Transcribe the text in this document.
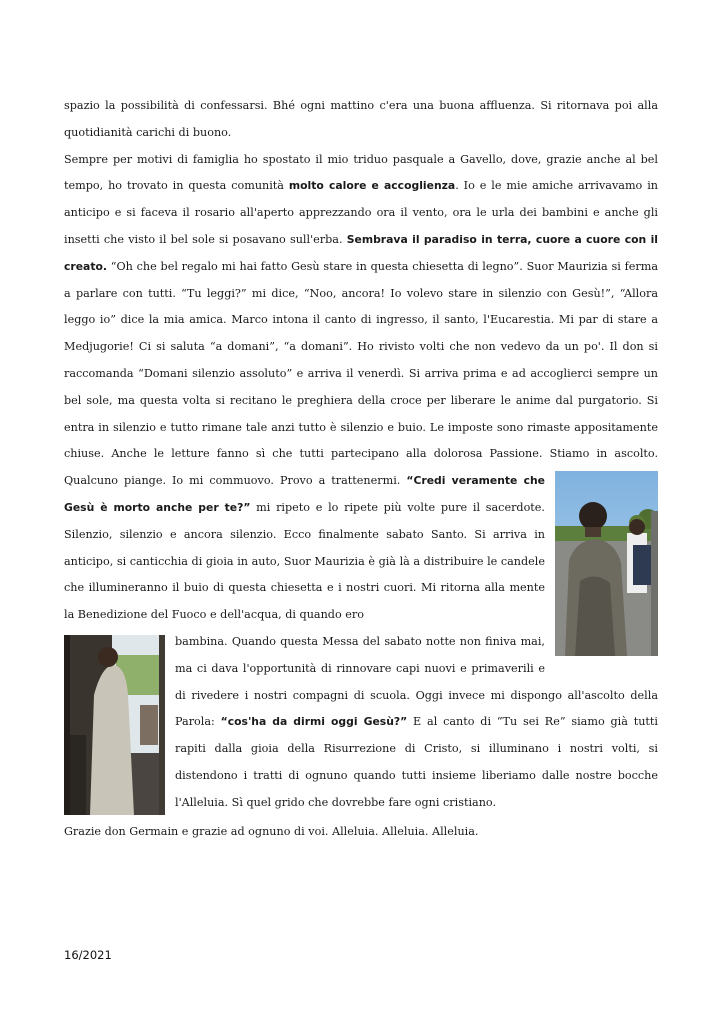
spazio la possibilità di confessarsi. Bhé ogni mattino c'era una buona affluenza. Si ritornava poi alla quotidianità carichi di buono.

Sempre per motivi di famiglia ho spostato il mio triduo pasquale a Gavello, dove, grazie anche al bel tempo, ho trovato in questa comunità molto calore e accoglienza. Io e le mie amiche arrivavamo in anticipo e si faceva il rosario all'aperto apprezzando ora il vento, ora le urla dei bambini e anche gli insetti che visto il bel sole si posavano sull'erba. Sembrava il paradiso in terra, cuore a cuore con il creato. “Oh che bel regalo mi hai fatto Gesù stare in questa chiesetta di legno”. Suor Maurizia si ferma a parlare con tutti. “Tu leggi?” mi dice, “Noo, ancora! Io volevo stare in silenzio con Gesù!”, “Allora leggo io” dice la mia amica. Marco intona il canto di ingresso, il santo, l'Eucarestia. Mi par di stare a Medjugorie! Ci si saluta “a domani”, “a domani”. Ho rivisto volti che non vedevo da un po'. Il don si raccomanda “Domani silenzio assoluto” e arriva il venerdì. Si arriva prima e ad accoglierci sempre un bel sole, ma questa volta si recitano le preghiera della croce per liberare le anime dal purgatorio. Si entra in silenzio e tutto rimane tale anzi tutto è silenzio e buio. Le imposte sono rimaste appositamente chiuse. Anche le letture fanno sì che tutti partecipano alla dolorosa Passione. Stiamo in ascolto. Qualcuno piange. Io mi commuovo. Provo a trattenermi.
“Credi veramente che Gesù è morto anche per te?” mi ripeto e lo ripete più volte pure il sacerdote. Silenzio, silenzio e ancora silenzio. Ecco finalmente sabato Santo. Si arriva in anticipo, si canticchia di gioia in auto, Suor Maurizia è già là a distribuire le candele che illumineranno il buio di questa chiesetta e i nostri cuori. Mi ritorna alla mente la Benedizione del Fuoco e dell'acqua, di quando ero

bambina. Quando questa Messa del sabato notte non finiva mai, ma ci dava l'opportunità di rinnovare capi nuovi e primaverili e di rivedere i nostri compagni di scuola. Oggi invece mi dispongo all'ascolto della Parola: “cos'ha da dirmi oggi Gesù?” E al canto di “Tu sei Re” siamo già tutti rapiti dalla gioia della Risurrezione di Cristo, si illuminano i nostri volti, si distendono i tratti di ognuno quando tutti insieme liberiamo dalle nostre bocche l'Alleluia. Sì quel grido che dovrebbe fare ogni cristiano.

Grazie don Germain e grazie ad ognuno di voi. Alleluia. Alleluia. Alleluia.

16/2021
